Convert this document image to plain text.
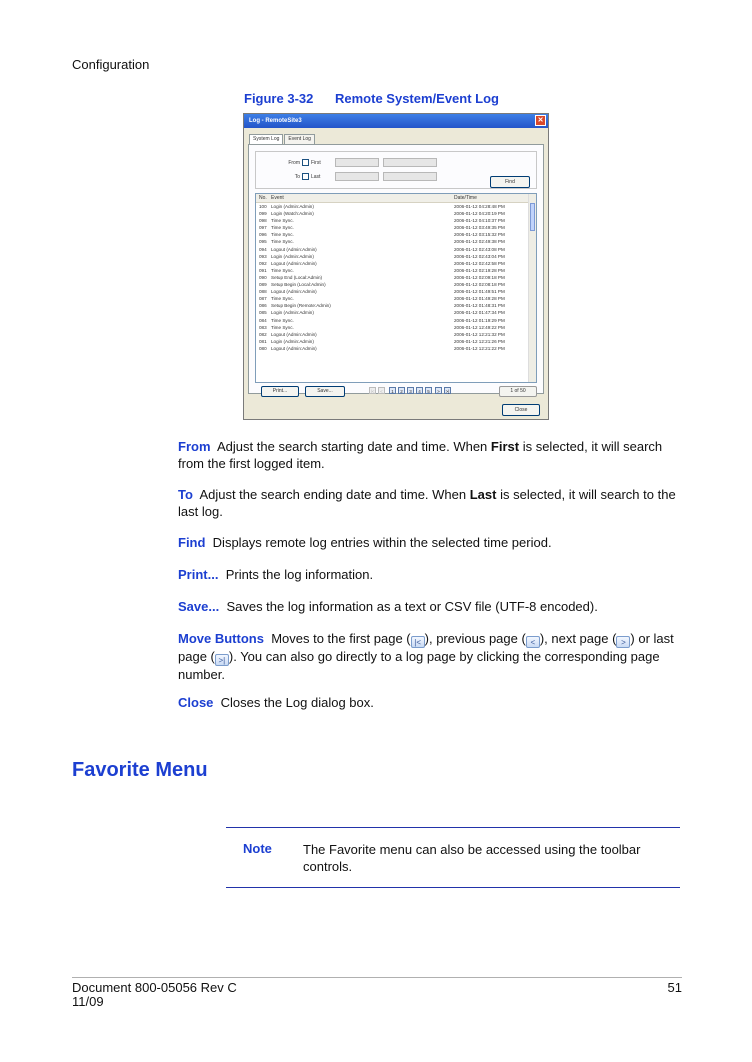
Configuration
Figure 3-32 Remote System/Event Log
Log - RemoteSite3	✕
System Log Event Log
From First
To Last
Find
No. Event	Date/Time
100 Login (Admin:Admin)	2006-01-12 04:28:48 PM
099 Login (Watch:Admin)	2006-01-12 04:20:19 PM
098 Time Sync.	2006-01-12 04:10:37 PM
097 Time Sync.	2006-01-12 03:49:35 PM
096 Time Sync.	2006-01-12 03:15:32 PM
095 Time Sync.	2006-01-12 02:49:38 PM
094 Logout (Admin:Admin)	2006-01-12 02:43:08 PM
093 Login (Admin:Admin)	2006-01-12 02:43:04 PM
092 Logout (Admin:Admin)	2006-01-12 02:42:58 PM
091 Time Sync.	2006-01-12 02:19:28 PM
090 Setup End (Local:Admin)	2006-01-12 02:09:18 PM
089 Setup Begin (Local:Admin)	2006-01-12 02:08:18 PM
088 Logout (Admin:Admin)	2006-01-12 01:49:51 PM
087 Time Sync.	2006-01-12 01:49:28 PM
086 Setup Begin (Remote:Admin)	2006-01-12 01:48:31 PM
085 Login (Admin:Admin)	2006-01-12 01:47:34 PM
084 Time Sync.	2006-01-12 01:19:29 PM
083 Time Sync.	2006-01-12 12:49:22 PM
082 Logout (Admin:Admin)	2006-01-12 12:21:32 PM
081 Login (Admin:Admin)	2006-01-12 12:21:26 PM
080 Logout (Admin:Admin)	2006-01-12 12:21:22 PM
Print...	Save...	|<	<	1	2	3	4	5	>	>|	1 of 50
Close
From Adjust the search starting date and time. When First is selected, it will search from the first logged item.
To Adjust the search ending date and time. When Last is selected, it will search to the last log.
Find Displays remote log entries within the selected time period.
Print... Prints the log information.
Save... Saves the log information as a text or CSV file (UTF-8 encoded).
Move Buttons Moves to the first page ( |< ), previous page ( < ), next page ( > ) or last page ( >| ). You can also go directly to a log page by clicking the corresponding page number.
Close Closes the Log dialog box.
Favorite Menu
Note The Favorite menu can also be accessed using the toolbar controls.
Document 800-05056 Rev C
11/09
51
